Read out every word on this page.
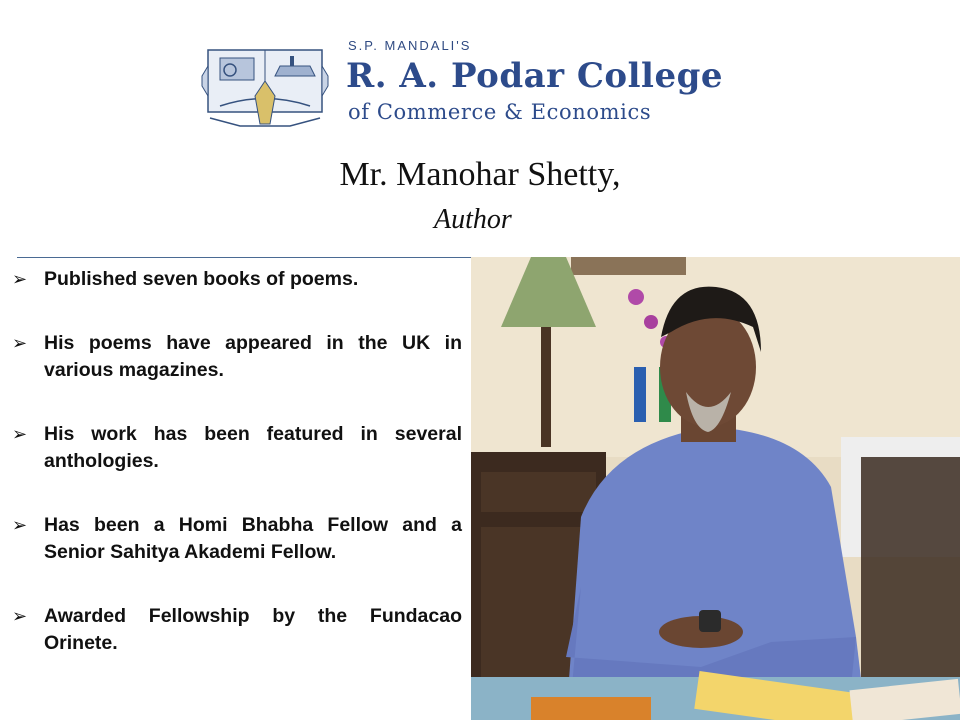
S.P. MANDALI'S
R. A. Podar College
of Commerce & Economics
Mr. Manohar Shetty,
Author
➢ Published seven books of poems.
➢ His poems have appeared in the UK in various magazines.
➢ His work has been featured in several anthologies.
➢ Has been a Homi Bhabha Fellow and a Senior Sahitya Akademi Fellow.
➢ Awarded Fellowship by the Fundacao Orinete.
